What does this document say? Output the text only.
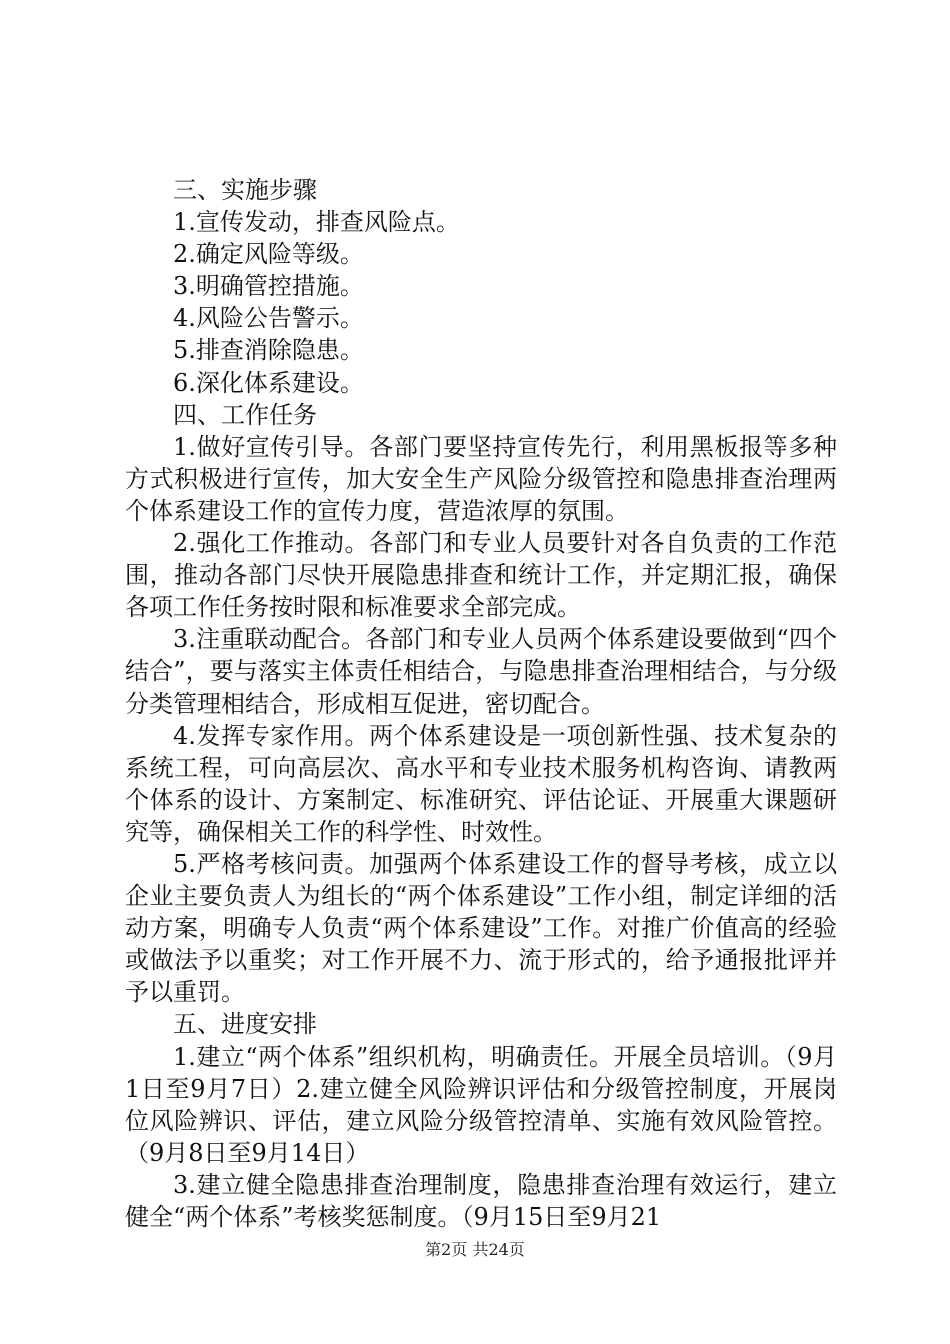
三、实施步骤

1.宣传发动，排查风险点。

2.确定风险等级。

3.明确管控措施。

4.风险公告警示。

5.排查消除隐患。

6.深化体系建设。

四、工作任务

1.做好宣传引导。各部门要坚持宣传先行，利用黑板报等多种方式积极进行宣传，加大安全生产风险分级管控和隐患排查治理两个体系建设工作的宣传力度，营造浓厚的氛围。

2.强化工作推动。各部门和专业人员要针对各自负责的工作范围，推动各部门尽快开展隐患排查和统计工作，并定期汇报，确保各项工作任务按时限和标准要求全部完成。

3.注重联动配合。各部门和专业人员两个体系建设要做到“四个结合”，要与落实主体责任相结合，与隐患排查治理相结合，与分级分类管理相结合，形成相互促进，密切配合。

4.发挥专家作用。两个体系建设是一项创新性强、技术复杂的系统工程，可向高层次、高水平和专业技术服务机构咨询、请教两个体系的设计、方案制定、标准研究、评估论证、开展重大课题研究等，确保相关工作的科学性、时效性。

5.严格考核问责。加强两个体系建设工作的督导考核，成立以企业主要负责人为组长的“两个体系建设”工作小组，制定详细的活动方案，明确专人负责“两个体系建设”工作。对推广价值高的经验或做法予以重奖；对工作开展不力、流于形式的，给予通报批评并予以重罚。

五、进度安排

1.建立“两个体系”组织机构，明确责任。开展全员培训。（9月1日至9月7日）2.建立健全风险辨识评估和分级管控制度，开展岗位风险辨识、评估，建立风险分级管控清单、实施有效风险管控。（9月8日至9月14日）

3.建立健全隐患排查治理制度，隐患排查治理有效运行，建立健全“两个体系”考核奖惩制度。（9月15日至9月21

第2页 共24页
